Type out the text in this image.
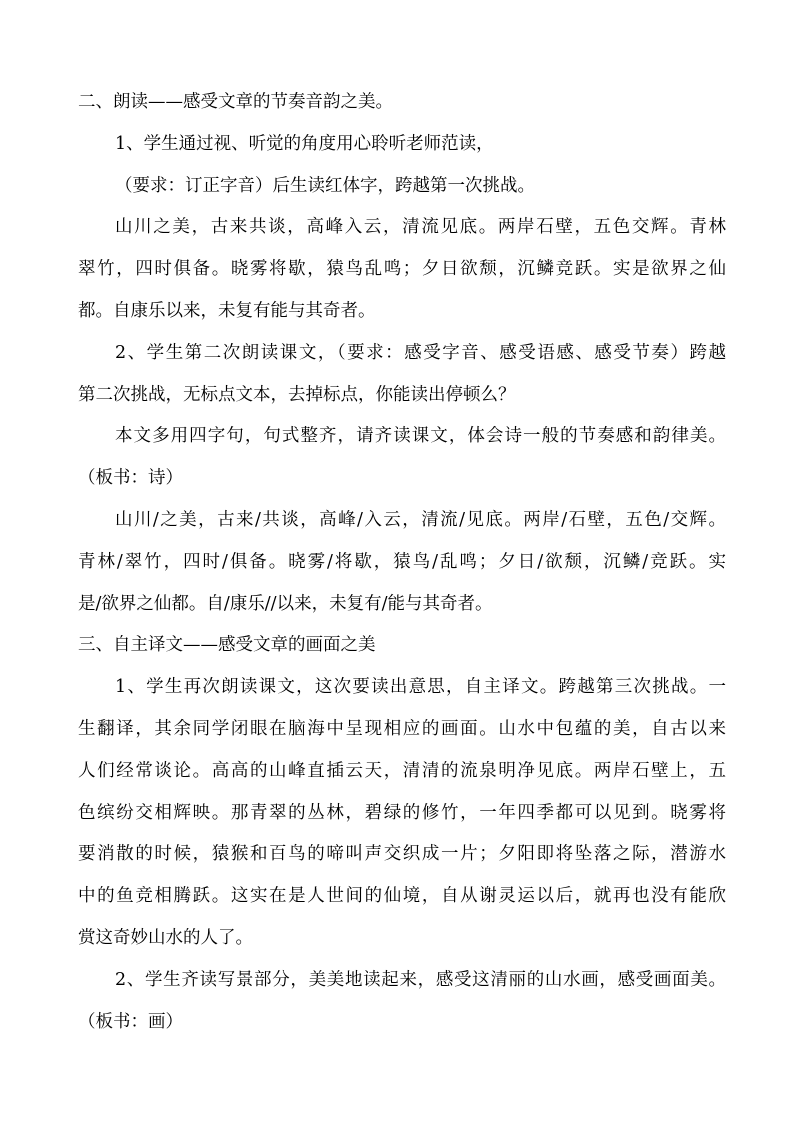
二、朗读——感受文章的节奏音韵之美。
1、学生通过视、听觉的角度用心聆听老师范读，
（要求：订正字音）后生读红体字，跨越第一次挑战。
山川之美，古来共谈，高峰入云，清流见底。两岸石壁，五色交辉。青林
翠竹，四时俱备。晓雾将歇，猿鸟乱鸣；夕日欲颓，沉鳞竞跃。实是欲界之仙
都。自康乐以来，未复有能与其奇者。
2、学生第二次朗读课文，（要求：感受字音、感受语感、感受节奏）跨越
第二次挑战，无标点文本，去掉标点，你能读出停顿么？
本文多用四字句，句式整齐，请齐读课文，体会诗一般的节奏感和韵律美。
（板书：诗）
山川/之美，古来/共谈，高峰/入云，清流/见底。两岸/石壁，五色/交辉。
青林/翠竹，四时/俱备。晓雾/将歇，猿鸟/乱鸣；夕日/欲颓，沉鳞/竞跃。实
是/欲界之仙都。自/康乐//以来，未复有/能与其奇者。
三、自主译文——感受文章的画面之美
1、学生再次朗读课文，这次要读出意思，自主译文。跨越第三次挑战。一
生翻译，其余同学闭眼在脑海中呈现相应的画面。山水中包蕴的美，自古以来
人们经常谈论。高高的山峰直插云天，清清的流泉明净见底。两岸石壁上，五
色缤纷交相辉映。那青翠的丛林，碧绿的修竹，一年四季都可以见到。晓雾将
要消散的时候，猿猴和百鸟的啼叫声交织成一片；夕阳即将坠落之际，潜游水
中的鱼竞相腾跃。这实在是人世间的仙境，自从谢灵运以后，就再也没有能欣
赏这奇妙山水的人了。
2、学生齐读写景部分，美美地读起来，感受这清丽的山水画，感受画面美。
（板书：画）
